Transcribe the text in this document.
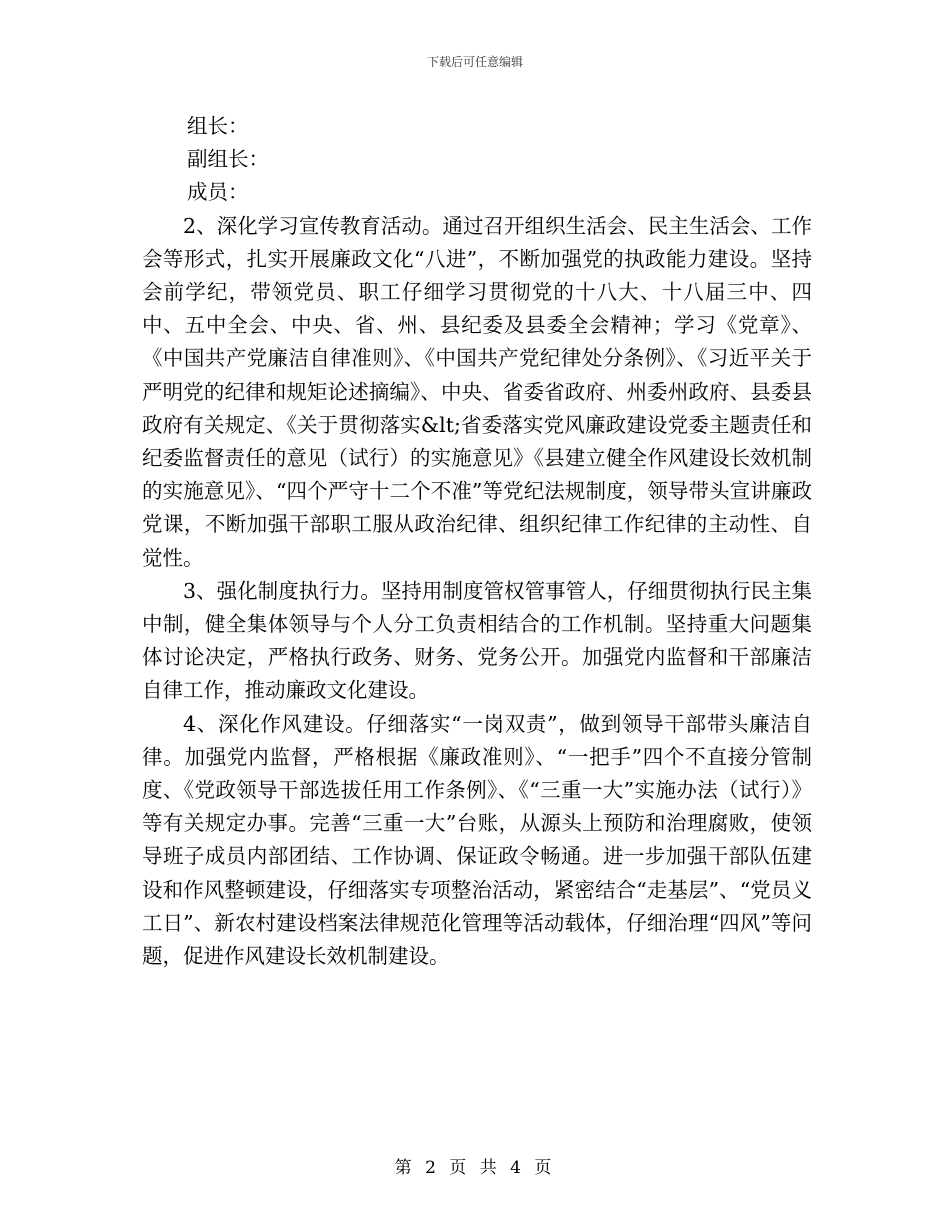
下载后可任意编辑

组长：

副组长：

成员：

2、深化学习宣传教育活动。通过召开组织生活会、民主生活会、工作会等形式，扎实开展廉政文化“八进”，不断加强党的执政能力建设。坚持会前学纪，带领党员、职工仔细学习贯彻党的十八大、十八届三中、四中、五中全会、中央、省、州、县纪委及县委全会精神；学习《党章》、《中国共产党廉洁自律准则》、《中国共产党纪律处分条例》、《习近平关于严明党的纪律和规矩论述摘编》、中央、省委省政府、州委州政府、县委县政府有关规定、《关于贯彻落实&lt;省委落实党风廉政建设党委主题责任和纪委监督责任的意见（试行）的实施意见》《县建立健全作风建设长效机制的实施意见》、“四个严守十二个不准”等党纪法规制度，领导带头宣讲廉政党课，不断加强干部职工服从政治纪律、组织纪律工作纪律的主动性、自觉性。

3、强化制度执行力。坚持用制度管权管事管人，仔细贯彻执行民主集中制，健全集体领导与个人分工负责相结合的工作机制。坚持重大问题集体讨论决定，严格执行政务、财务、党务公开。加强党内监督和干部廉洁自律工作，推动廉政文化建设。

4、深化作风建设。仔细落实“一岗双责”，做到领导干部带头廉洁自律。加强党内监督，严格根据《廉政准则》、“一把手”四个不直接分管制度、《党政领导干部选拔任用工作条例》、《“三重一大”实施办法（试行）》等有关规定办事。完善“三重一大”台账，从源头上预防和治理腐败，使领导班子成员内部团结、工作协调、保证政令畅通。进一步加强干部队伍建设和作风整顿建设，仔细落实专项整治活动，紧密结合“走基层”、“党员义工日”、新农村建设档案法律规范化管理等活动载体，仔细治理“四风”等问题，促进作风建设长效机制建设。

第 2 页 共 4 页
